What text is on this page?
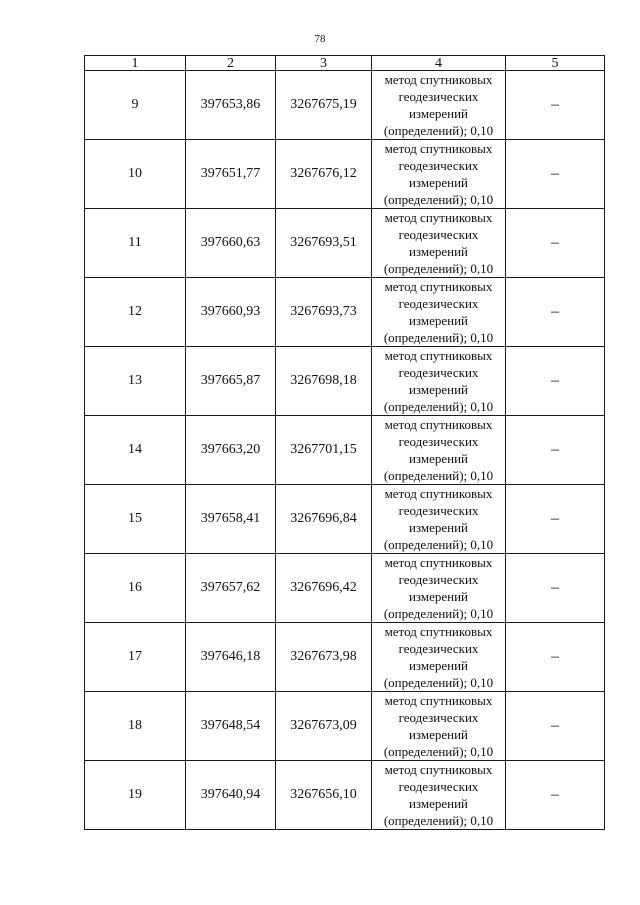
78
1	2	3	4	5
9	397653,86	3267675,19	метод спутниковых
геодезических
измерений
(определений); 0,10	–
10	397651,77	3267676,12	метод спутниковых
геодезических
измерений
(определений); 0,10	–
11	397660,63	3267693,51	метод спутниковых
геодезических
измерений
(определений); 0,10	–
12	397660,93	3267693,73	метод спутниковых
геодезических
измерений
(определений); 0,10	–
13	397665,87	3267698,18	метод спутниковых
геодезических
измерений
(определений); 0,10	–
14	397663,20	3267701,15	метод спутниковых
геодезических
измерений
(определений); 0,10	–
15	397658,41	3267696,84	метод спутниковых
геодезических
измерений
(определений); 0,10	–
16	397657,62	3267696,42	метод спутниковых
геодезических
измерений
(определений); 0,10	–
17	397646,18	3267673,98	метод спутниковых
геодезических
измерений
(определений); 0,10	–
18	397648,54	3267673,09	метод спутниковых
геодезических
измерений
(определений); 0,10	–
19	397640,94	3267656,10	метод спутниковых
геодезических
измерений
(определений); 0,10	–
